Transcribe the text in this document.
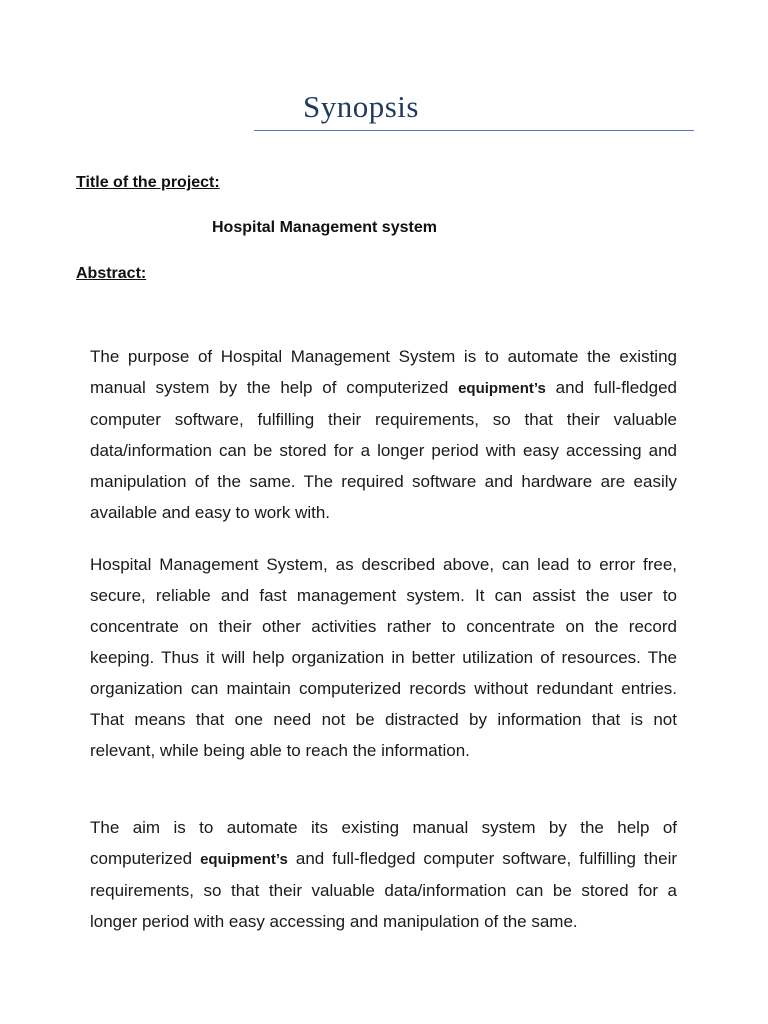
Synopsis

Title of the project:

Hospital Management system

Abstract:

The purpose of Hospital Management System is to automate the existing manual system by the help of computerized equipment’s and full-fledged computer software, fulfilling their requirements, so that their valuable data/information can be stored for a longer period with easy accessing and manipulation of the same. The required software and hardware are easily available and easy to work with.

Hospital Management System, as described above, can lead to error free, secure, reliable and fast management system. It can assist the user to concentrate on their other activities rather to concentrate on the record keeping. Thus it will help organization in better utilization of resources. The organization can maintain computerized records without redundant entries. That means that one need not be distracted by information that is not relevant, while being able to reach the information.

The aim is to automate its existing manual system by the help of computerized equipment’s and full-fledged computer software, fulfilling their requirements, so that their valuable data/information can be stored for a longer period with easy accessing and manipulation of the same.
